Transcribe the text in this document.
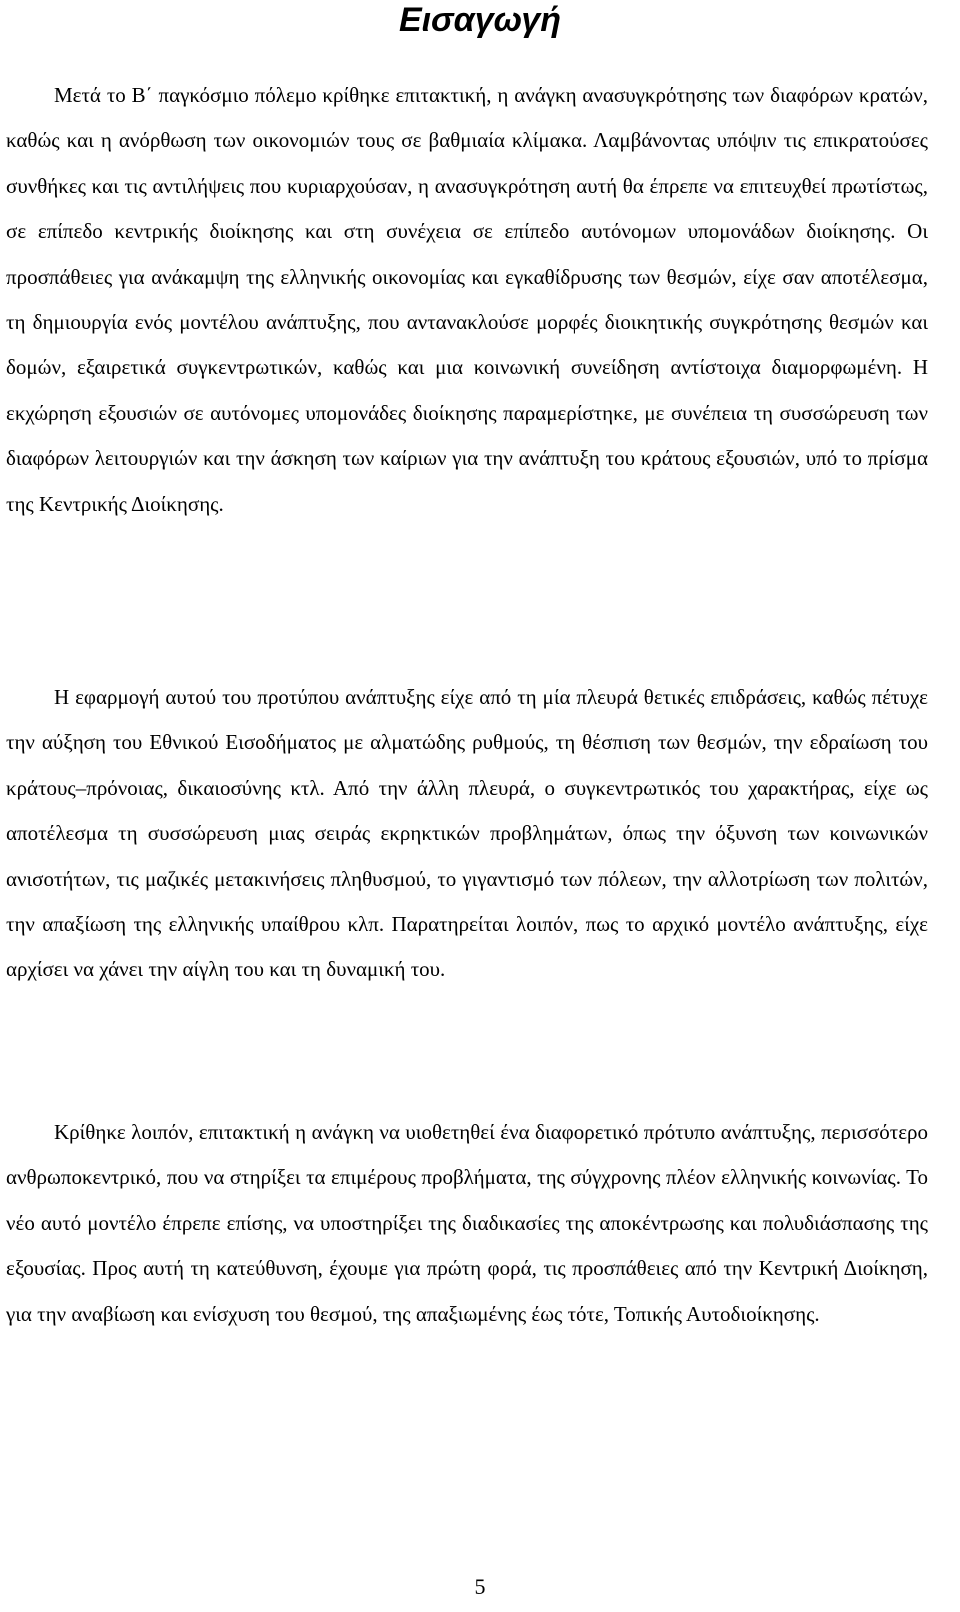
Εισαγωγή

Μετά το Β΄ παγκόσμιο πόλεμο κρίθηκε επιτακτική, η ανάγκη ανασυγκρότησης των διαφόρων κρατών, καθώς και η ανόρθωση των οικονομιών τους σε βαθμιαία κλίμακα. Λαμβάνοντας υπόψιν τις επικρατούσες συνθήκες και τις αντιλήψεις που κυριαρχούσαν, η ανασυγκρότηση αυτή θα έπρεπε να επιτευχθεί πρωτίστως, σε επίπεδο κεντρικής διοίκησης και στη συνέχεια σε επίπεδο αυτόνομων υπομονάδων διοίκησης. Οι προσπάθειες για ανάκαμψη της ελληνικής οικονομίας και εγκαθίδρυσης των θεσμών, είχε σαν αποτέλεσμα, τη δημιουργία ενός μοντέλου ανάπτυξης, που αντανακλούσε μορφές διοικητικής συγκρότησης θεσμών και δομών, εξαιρετικά συγκεντρωτικών, καθώς και μια κοινωνική συνείδηση αντίστοιχα διαμορφωμένη. Η εκχώρηση εξουσιών σε αυτόνομες υπομονάδες διοίκησης παραμερίστηκε, με συνέπεια τη συσσώρευση των διαφόρων λειτουργιών και την άσκηση των καίριων για την ανάπτυξη του κράτους εξουσιών, υπό το πρίσμα της Κεντρικής Διοίκησης.

Η εφαρμογή αυτού του προτύπου ανάπτυξης είχε από τη μία πλευρά θετικές επιδράσεις, καθώς πέτυχε την αύξηση του Εθνικού Εισοδήματος με αλματώδης ρυθμούς, τη θέσπιση των θεσμών, την εδραίωση του κράτους–πρόνοιας, δικαιοσύνης κτλ. Από την άλλη πλευρά, ο συγκεντρωτικός του χαρακτήρας, είχε ως αποτέλεσμα τη συσσώρευση μιας σειράς εκρηκτικών προβλημάτων, όπως την όξυνση των κοινωνικών ανισοτήτων, τις μαζικές μετακινήσεις πληθυσμού, το γιγαντισμό των πόλεων, την αλλοτρίωση των πολιτών, την απαξίωση της ελληνικής υπαίθρου κλπ. Παρατηρείται λοιπόν, πως το αρχικό μοντέλο ανάπτυξης, είχε αρχίσει να χάνει την αίγλη του και τη δυναμική του.

Κρίθηκε λοιπόν, επιτακτική η ανάγκη να υιοθετηθεί ένα διαφορετικό πρότυπο ανάπτυξης, περισσότερο ανθρωποκεντρικό, που να στηρίξει τα επιμέρους προβλήματα, της σύγχρονης πλέον ελληνικής κοινωνίας. Το νέο αυτό μοντέλο έπρεπε επίσης, να υποστηρίξει της διαδικασίες της αποκέντρωσης και πολυδιάσπασης της εξουσίας. Προς αυτή τη κατεύθυνση, έχουμε για πρώτη φορά, τις προσπάθειες από την Κεντρική Διοίκηση, για την αναβίωση και ενίσχυση του θεσμού, της απαξιωμένης έως τότε, Τοπικής Αυτοδιοίκησης.

5
